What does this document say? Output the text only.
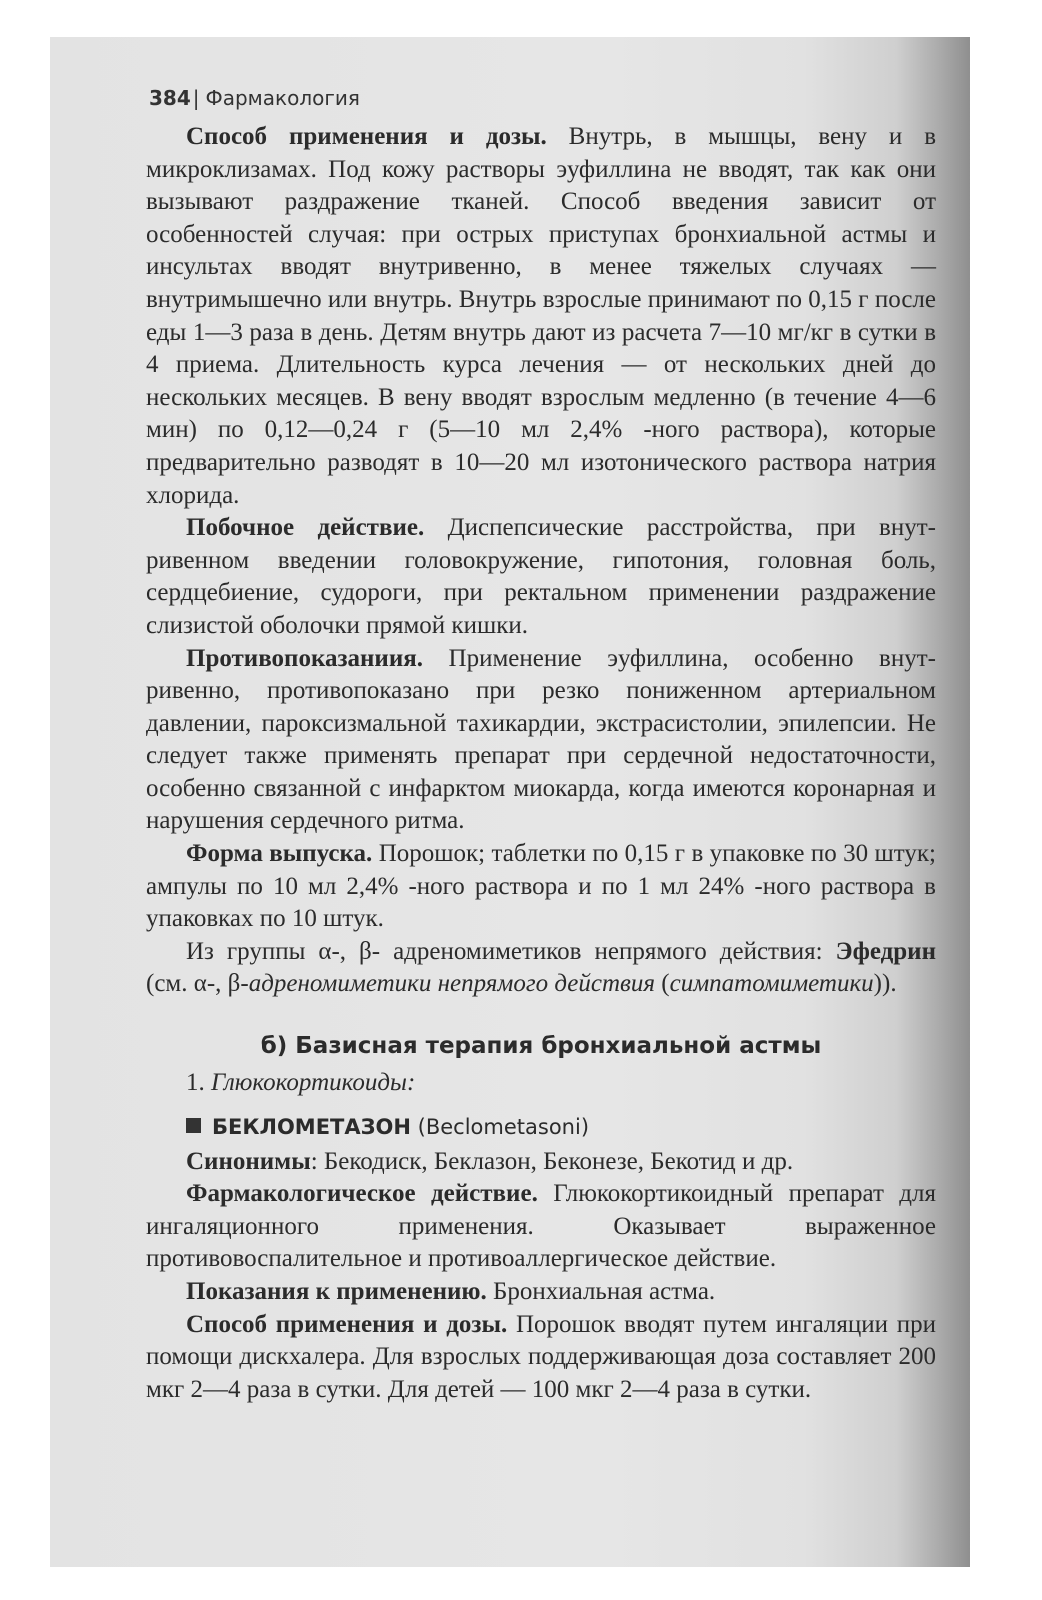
384 | Фармакология

Способ применения и дозы. Внутрь, в мышцы, вену и в микроклизамах. Под кожу растворы эуфиллина не вводят, так как они вызывают раздражение тканей. Способ введения зависит от особенностей случая: при острых приступах бронхиальной астмы и инсультах вводят внутривенно, в менее тяжелых случаях — внутримышечно или внутрь. Внутрь взрослые принимают по 0,15 г после еды 1—3 раза в день. Детям внутрь дают из расчета 7—10 мг/кг в сутки в 4 приема. Длительность курса лечения — от нескольких дней до нескольких месяцев. В вену вводят взрослым медленно (в течение 4—6 мин) по 0,12—0,24 г (5—10 мл 2,4% -ного раствора), которые предварительно разводят в 10—20 мл изотонического раствора натрия хлорида.

Побочное действие. Диспепсические расстройства, при внутривенном введении головокружение, гипотония, головная боль, сердцебиение, судороги, при ректальном применении раздражение слизистой оболочки прямой кишки.

Противопоказаниия. Применение эуфиллина, особенно внутривенно, противопоказано при резко пониженном артериальном давлении, пароксизмальной тахикардии, экстрасистолии, эпилепсии. Не следует также применять препарат при сердечной недостаточности, особенно связанной с инфарктом миокарда, когда имеются коронарная и нарушения сердечного ритма.

Форма выпуска. Порошок; таблетки по 0,15 г в упаковке по 30 штук; ампулы по 10 мл 2,4% -ного раствора и по 1 мл 24% -ного раствора в упаковках по 10 штук.

Из группы α-, β- адреномиметиков непрямого действия: Эфедрин (см. α-, β-адреномиметики непрямого действия (симпатомиметики)).

б) Базисная терапия бронхиальной астмы
1. Глюкокортикоиды:
БЕКЛОМЕТАЗОН (Beclometasoni)

Синонимы: Бекодиск, Беклазон, Беконезе, Бекотид и др.

Фармакологическое действие. Глюкокортикоидный препарат для ингаляционного применения. Оказывает выраженное противовоспалительное и противоаллергическое действие.

Показания к применению. Бронхиальная астма.

Способ применения и дозы. Порошок вводят путем ингаляции при помощи дискхалера. Для взрослых поддерживающая доза составляет 200 мкг 2—4 раза в сутки. Для детей — 100 мкг 2—4 раза в сутки.
